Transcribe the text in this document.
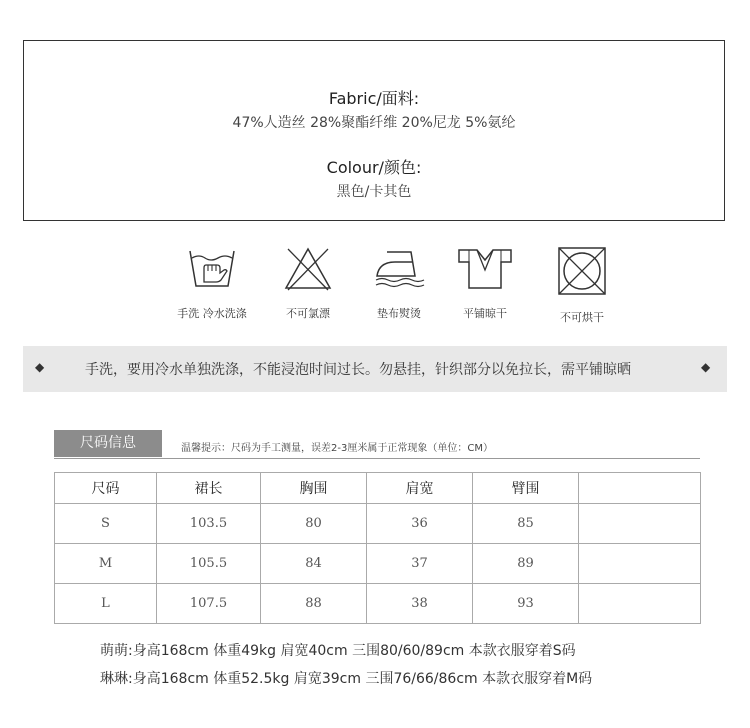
Fabric/面料:
47%人造丝 28%聚酯纤维 20%尼龙 5%氨纶
Colour/颜色:
黑色/卡其色
手洗 冷水洗涤	不可氯漂	垫布熨烫	平铺晾干	不可烘干
◆	手洗，要用冷水单独洗涤，不能浸泡时间过长。勿悬挂，针织部分以免拉长，需平铺晾晒	◆
尺码信息	温馨提示：尺码为手工测量，误差2-3厘米属于正常现象（单位：CM）
尺码	裙长	胸围	肩宽	臂围	
S	103.5	80	36	85	
M	105.5	84	37	89	
L	107.5	88	38	93	
萌萌:身高168cm 体重49kg 肩宽40cm 三围80/60/89cm 本款衣服穿着S码
琳琳:身高168cm 体重52.5kg 肩宽39cm 三围76/66/86cm 本款衣服穿着M码
